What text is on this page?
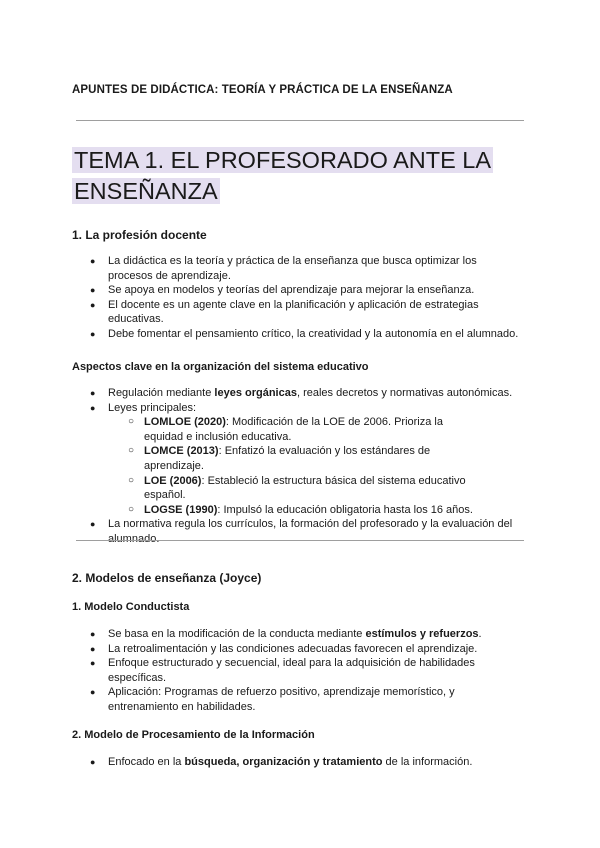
APUNTES DE DIDÁCTICA: TEORÍA Y PRÁCTICA DE LA ENSEÑANZA
TEMA 1. EL PROFESORADO ANTE LA
ENSEÑANZA
1. La profesión docente
● La didáctica es la teoría y práctica de la enseñanza que busca optimizar los procesos de aprendizaje.
● Se apoya en modelos y teorías del aprendizaje para mejorar la enseñanza.
● El docente es un agente clave en la planificación y aplicación de estrategias educativas.
● Debe fomentar el pensamiento crítico, la creatividad y la autonomía en el alumnado.
Aspectos clave en la organización del sistema educativo
● Regulación mediante leyes orgánicas, reales decretos y normativas autonómicas.
● Leyes principales:
○ LOMLOE (2020): Modificación de la LOE de 2006. Prioriza la equidad e inclusión educativa.
○ LOMCE (2013): Enfatizó la evaluación y los estándares de aprendizaje.
○ LOE (2006): Estableció la estructura básica del sistema educativo español.
○ LOGSE (1990): Impulsó la educación obligatoria hasta los 16 años.
● La normativa regula los currículos, la formación del profesorado y la evaluación del alumnado.
2. Modelos de enseñanza (Joyce)
1. Modelo Conductista
● Se basa en la modificación de la conducta mediante estímulos y refuerzos.
● La retroalimentación y las condiciones adecuadas favorecen el aprendizaje.
● Enfoque estructurado y secuencial, ideal para la adquisición de habilidades específicas.
● Aplicación: Programas de refuerzo positivo, aprendizaje memorístico, y entrenamiento en habilidades.
2. Modelo de Procesamiento de la Información
● Enfocado en la búsqueda, organización y tratamiento de la información.
